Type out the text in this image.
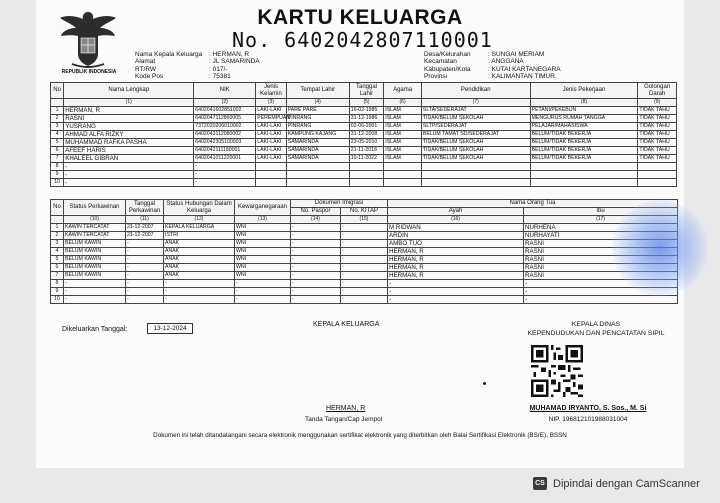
REPUBLIK INDONESIA
KARTU KELUARGA
No. 6402042807110001
Nama Kepala Keluarga	: HERMAN, R
Alamat	: JL SAMARINDA
RT/RW	: 017/-
Kode Pos	: 75381
Desa/Kelurahan	: SUNGAI MERIAM
Kecamatan	: ANGGANA
Kabupaten/Kota	: KUTAI KARTANEGARA
Provinsi	: KALIMANTAN TIMUR
No	Nama Lengkap	NIK	Jenis Kelamin	Tempat Lahir	Tanggal Lahir	Agama	Pendidikan	Jenis Pekerjaan	Golongan Darah
	(1)	(2)	(3)	(4)	(5)	(6)	(7)	(8)	(9)
1	HERMAN, R	6402041602851002	LAKI-LAKI	PARE PARE	16-02-1985	ISLAM	SLTA/SEDERAJAT	PETANI/PEKEBUN	TIDAK TAHU
2	RASNI	6402047112860005	PEREMPUAN	PINRANG	31-12-1986	ISLAM	TIDAK/BELUM SEKOLAH	MENGURUS RUMAH TANGGA	TIDAK TAHU
3	YUSRANG	7372020206010002	LAKI-LAKI	PINRANG	02-06-2001	ISLAM	SLTP/SEDERAJAT	PELAJAR/MAHASISWA	TIDAK TAHU
4	AHMAD ALFA RIZKY	6402043112080002	LAKI-LAKI	KAMPUNG KAJANG	31-12-2008	ISLAM	BELUM TAMAT SD/SEDERAJAT	BELUM/TIDAK BEKERJA	TIDAK TAHU
5	MUHAMMAD RAFKA PASHA	6402042305100003	LAKI-LAKI	SAMARINDA	23-05-2010	ISLAM	TIDAK/BELUM SEKOLAH	BELUM/TIDAK BEKERJA	TIDAK TAHU
6	AFEEF HARIS	6402042111180001	LAKI-LAKI	SAMARINDA	21-11-2018	ISLAM	TIDAK/BELUM SEKOLAH	BELUM/TIDAK BEKERJA	TIDAK TAHU
7	KHALEEL GIBRAN	6402041011220001	LAKI-LAKI	SAMARINDA	10-11-2022	ISLAM	TIDAK/BELUM SEKOLAH	BELUM/TIDAK BEKERJA	TIDAK TAHU
8	-	-							
9	-	-							
10	-	-							
No	Status Perkawinan	Tanggal Perkawinan	Status Hubungan Dalam Keluarga	Kewarganegaraan	Dokumen Imigrasi		Nama Orang Tua	
					No. Paspor	No. KITAP	Ayah	Ibu
	(10)	(11)	(12)	(13)	(14)	(15)	(16)	(17)
1	KAWIN TERCATAT	21-12-2007	KEPALA KELUARGA	WNI	-	-	M RIDWAN	NURHENA
2	KAWIN TERCATAT	21-12-2007	ISTRI	WNI	-	-	ARDIN	NURHAYATI
3	BELUM KAWIN	-	ANAK	WNI	-	-	AMBO TUO	RASNI
4	BELUM KAWIN	-	ANAK	WNI	-	-	HERMAN, R	RASNI
5	BELUM KAWIN	-	ANAK	WNI	-	-	HERMAN, R	RASNI
6	BELUM KAWIN	-	ANAK	WNI	-	-	HERMAN, R	RASNI
7	BELUM KAWIN	-	ANAK	WNI	-	-	HERMAN, R	RASNI
8	-	-	-	-	-	-	-	-
9	-	-	-	-	-	-	-	-
10	-	-	-	-	-	-	-	-
Dikeluarkan Tanggal:	13-12-2024
KEPALA KELUARGA
HERMAN, R
Tanda Tangan/Cap Jempol
KEPALA DINAS
KEPENDUDUKAN DAN PENCATATAN SIPIL
MUHAMAD IRYANTO, S. Sos., M. Si
NIP. 196812101988031004
Dokumen ini telah ditandatangani secara elektronik menggunakan sertifikat elektronik yang diterbitkan oleh Balai Sertifikasi Elektronik (BSrE), BSSN
CS Dipindai dengan CamScanner
